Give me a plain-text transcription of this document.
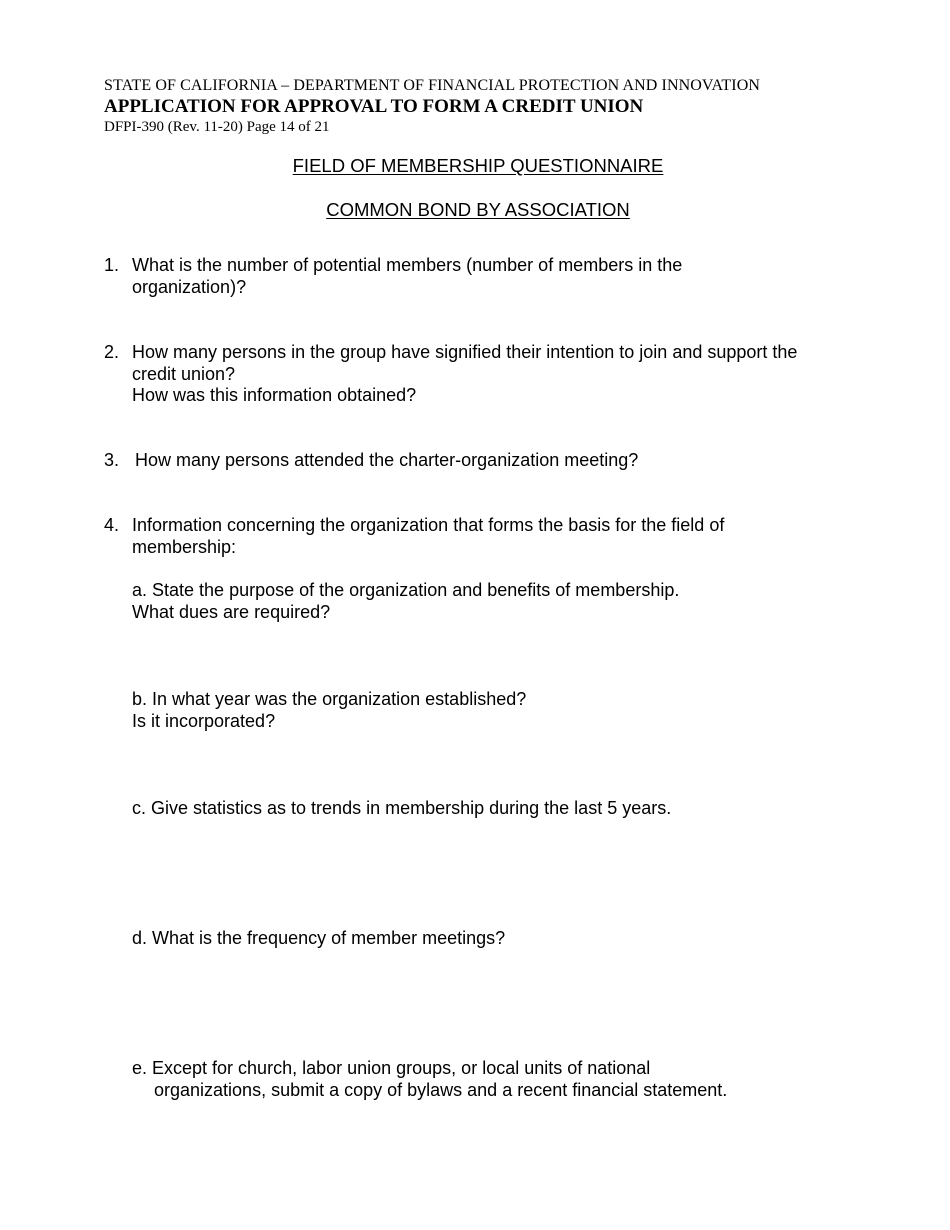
STATE OF CALIFORNIA – DEPARTMENT OF FINANCIAL PROTECTION AND INNOVATION
APPLICATION FOR APPROVAL TO FORM A CREDIT UNION
DFPI-390 (Rev. 11-20) Page 14 of 21
FIELD OF MEMBERSHIP QUESTIONNAIRE
COMMON BOND BY ASSOCIATION
1. What is the number of potential members (number of members in the
organization)?
2. How many persons in the group have signified their intention to join and support the
credit union?
How was this information obtained?
3. How many persons attended the charter-organization meeting?
4. Information concerning the organization that forms the basis for the field of
membership:
a. State the purpose of the organization and benefits of membership.
What dues are required?
b. In what year was the organization established?
Is it incorporated?
c. Give statistics as to trends in membership during the last 5 years.
d. What is the frequency of member meetings?
e. Except for church, labor union groups, or local units of national
organizations, submit a copy of bylaws and a recent financial statement.
